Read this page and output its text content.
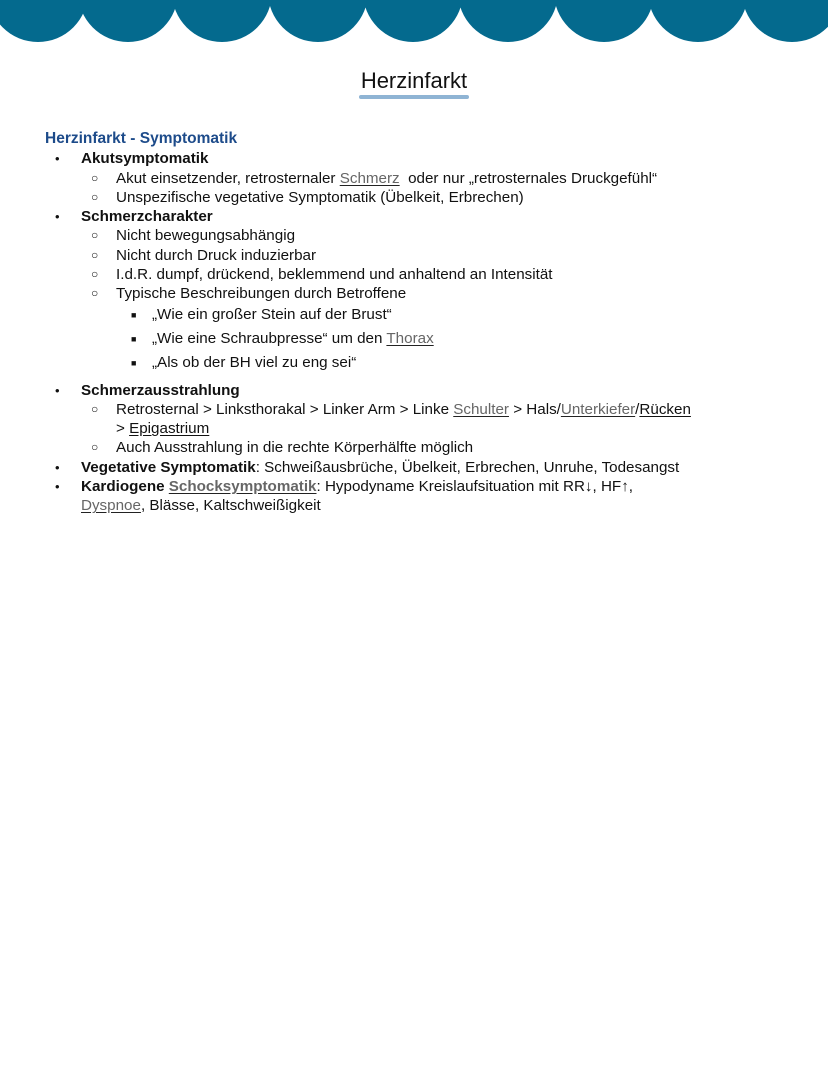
Herzinfarkt
Herzinfarkt - Symptomatik
• Akutsymptomatik
○ Akut einsetzender, retrosternaler Schmerz  oder nur „retrosternales Druckgefühl“
○ Unspezifische vegetative Symptomatik (Übelkeit, Erbrechen)
• Schmerzcharakter
○ Nicht bewegungsabhängig
○ Nicht durch Druck induzierbar
○ I.d.R. dumpf, drückend, beklemmend und anhaltend an Intensität
○ Typische Beschreibungen durch Betroffene
■ „Wie ein großer Stein auf der Brust“
■ „Wie eine Schraubpresse“ um den Thorax
■ „Als ob der BH viel zu eng sei“
• Schmerzausstrahlung
○ Retrosternal > Linksthorakal > Linker Arm > Linke Schulter > Hals/Unterkiefer/Rücken
> Epigastrium
○ Auch Ausstrahlung in die rechte Körperhälfte möglich
• Vegetative Symptomatik: Schweißausbrüche, Übelkeit, Erbrechen, Unruhe, Todesangst
• Kardiogene Schocksymptomatik: Hypodyname Kreislaufsituation mit RR↓, HF↑,
Dyspnoe, Blässe, Kaltschweißigkeit
